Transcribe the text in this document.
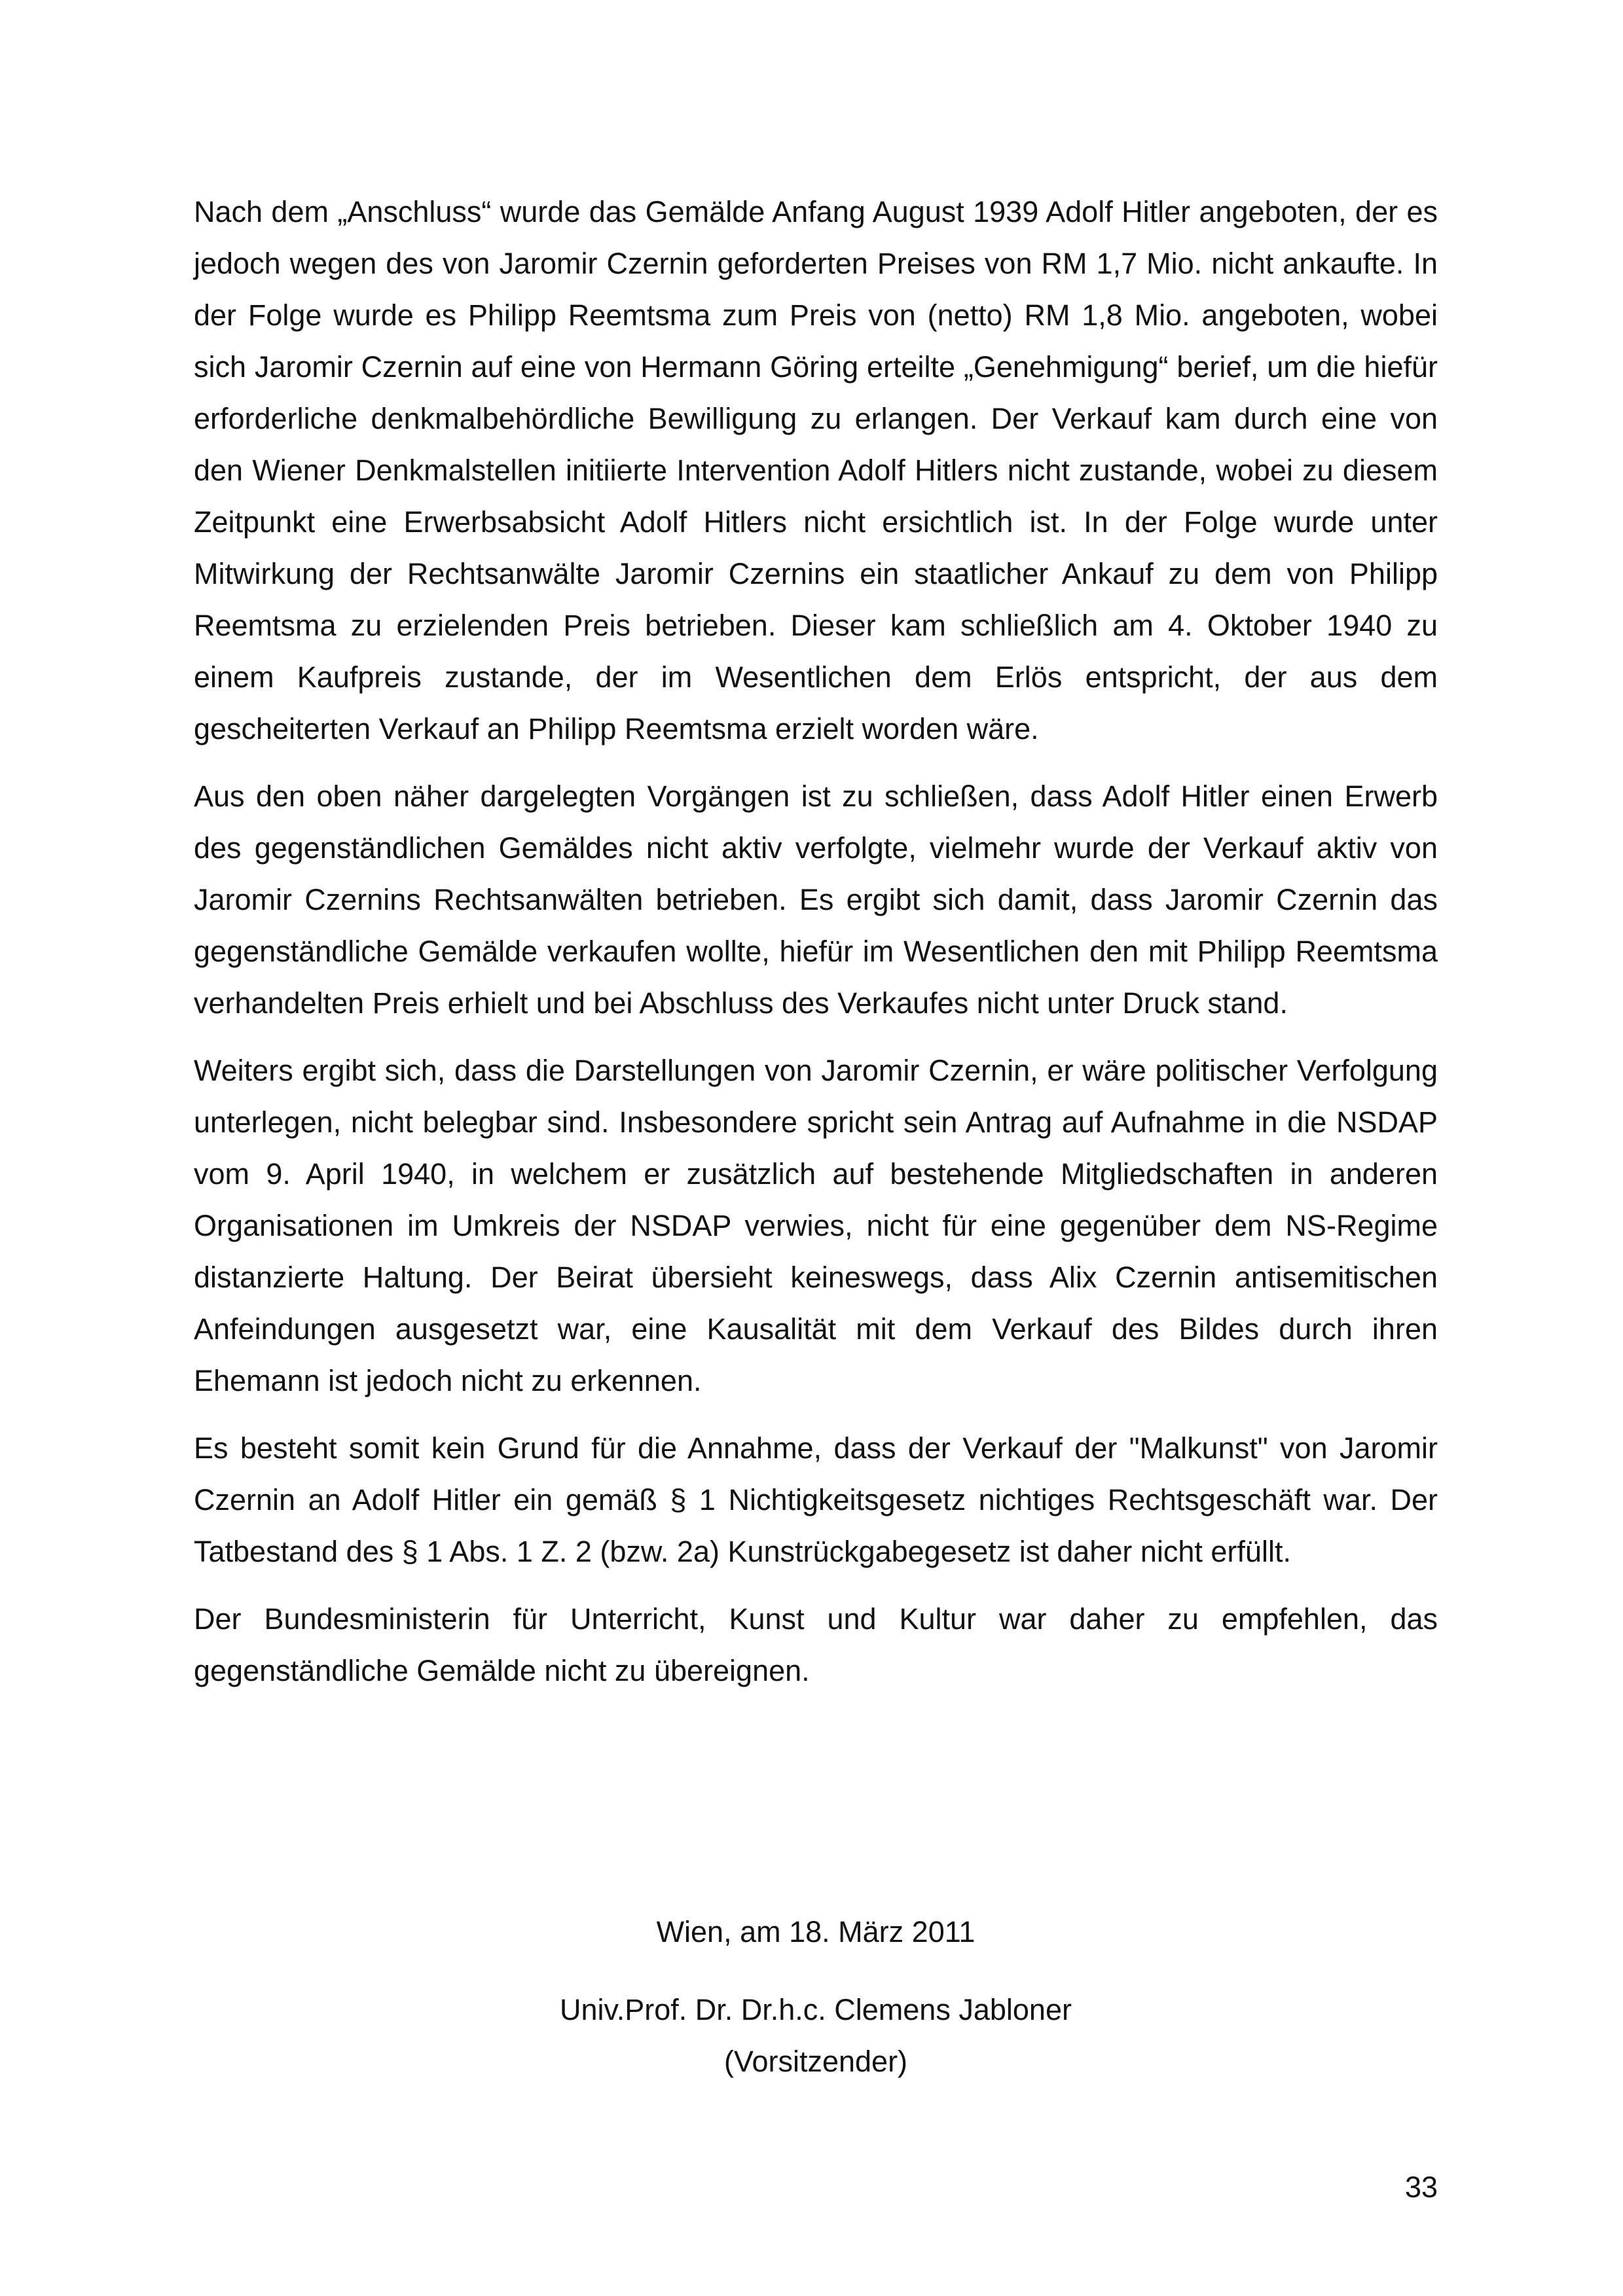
Nach dem „Anschluss“ wurde das Gemälde Anfang August 1939 Adolf Hitler angeboten, der es jedoch wegen des von Jaromir Czernin geforderten Preises von RM 1,7 Mio. nicht ankaufte. In der Folge wurde es Philipp Reemtsma zum Preis von (netto) RM 1,8 Mio. angeboten, wobei sich Jaromir Czernin auf eine von Hermann Göring erteilte „Genehmigung“ berief, um die hiefür erforderliche denkmalbehördliche Bewilligung zu erlangen. Der Verkauf kam durch eine von den Wiener Denkmalstellen initiierte Intervention Adolf Hitlers nicht zustande, wobei zu diesem Zeitpunkt eine Erwerbsabsicht Adolf Hitlers nicht ersichtlich ist. In der Folge wurde unter Mitwirkung der Rechtsanwälte Jaromir Czernins ein staatlicher Ankauf zu dem von Philipp Reemtsma zu erzielenden Preis betrieben. Dieser kam schließlich am 4. Oktober 1940 zu einem Kaufpreis zustande, der im Wesentlichen dem Erlös entspricht, der aus dem gescheiterten Verkauf an Philipp Reemtsma erzielt worden wäre.

Aus den oben näher dargelegten Vorgängen ist zu schließen, dass Adolf Hitler einen Erwerb des gegenständlichen Gemäldes nicht aktiv verfolgte, vielmehr wurde der Verkauf aktiv von Jaromir Czernins Rechtsanwälten betrieben. Es ergibt sich damit, dass Jaromir Czernin das gegenständliche Gemälde verkaufen wollte, hiefür im Wesentlichen den mit Philipp Reemtsma verhandelten Preis erhielt und bei Abschluss des Verkaufes nicht unter Druck stand.

Weiters ergibt sich, dass die Darstellungen von Jaromir Czernin, er wäre politischer Verfolgung unterlegen, nicht belegbar sind. Insbesondere spricht sein Antrag auf Aufnahme in die NSDAP vom 9. April 1940, in welchem er zusätzlich auf bestehende Mitgliedschaften in anderen Organisationen im Umkreis der NSDAP verwies, nicht für eine gegenüber dem NS-Regime distanzierte Haltung. Der Beirat übersieht keineswegs, dass Alix Czernin antisemitischen Anfeindungen ausgesetzt war, eine Kausalität mit dem Verkauf des Bildes durch ihren Ehemann ist jedoch nicht zu erkennen.

Es besteht somit kein Grund für die Annahme, dass der Verkauf der "Malkunst" von Jaromir Czernin an Adolf Hitler ein gemäß § 1 Nichtigkeitsgesetz nichtiges Rechtsgeschäft war. Der Tatbestand des § 1 Abs. 1 Z. 2 (bzw. 2a) Kunstrückgabegesetz ist daher nicht erfüllt.

Der Bundesministerin für Unterricht, Kunst und Kultur war daher zu empfehlen, das gegenständliche Gemälde nicht zu übereignen.

Wien, am 18. März 2011

Univ.Prof. Dr. Dr.h.c. Clemens Jabloner

(Vorsitzender)

33
